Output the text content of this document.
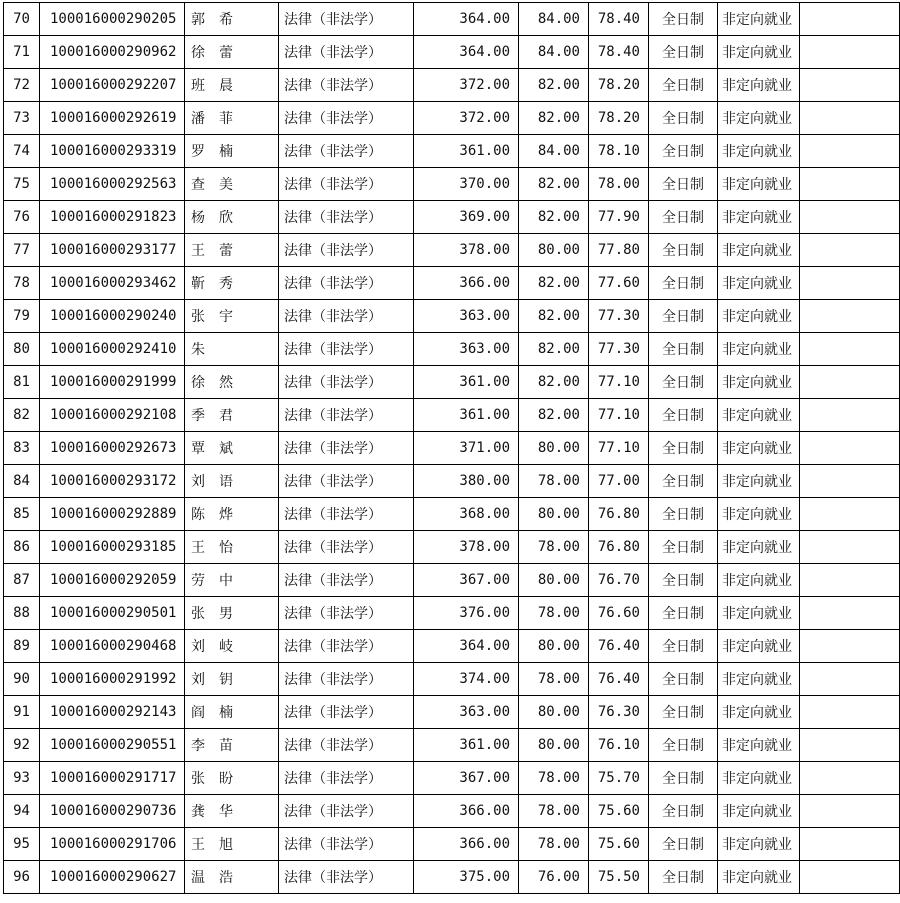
70	100016000290205	郭希	法律（非法学）	364.00	84.00	78.40	全日制	非定向就业	
71	100016000290962	徐蕾	法律（非法学）	364.00	84.00	78.40	全日制	非定向就业	
72	100016000292207	班晨	法律（非法学）	372.00	82.00	78.20	全日制	非定向就业	
73	100016000292619	潘菲	法律（非法学）	372.00	82.00	78.20	全日制	非定向就业	
74	100016000293319	罗楠	法律（非法学）	361.00	84.00	78.10	全日制	非定向就业	
75	100016000292563	查美	法律（非法学）	370.00	82.00	78.00	全日制	非定向就业	
76	100016000291823	杨欣	法律（非法学）	369.00	82.00	77.90	全日制	非定向就业	
77	100016000293177	王蕾	法律（非法学）	378.00	80.00	77.80	全日制	非定向就业	
78	100016000293462	靳秀	法律（非法学）	366.00	82.00	77.60	全日制	非定向就业	
79	100016000290240	张宇	法律（非法学）	363.00	82.00	77.30	全日制	非定向就业	
80	100016000292410	朱	法律（非法学）	363.00	82.00	77.30	全日制	非定向就业	
81	100016000291999	徐然	法律（非法学）	361.00	82.00	77.10	全日制	非定向就业	
82	100016000292108	季君	法律（非法学）	361.00	82.00	77.10	全日制	非定向就业	
83	100016000292673	覃斌	法律（非法学）	371.00	80.00	77.10	全日制	非定向就业	
84	100016000293172	刘语	法律（非法学）	380.00	78.00	77.00	全日制	非定向就业	
85	100016000292889	陈烨	法律（非法学）	368.00	80.00	76.80	全日制	非定向就业	
86	100016000293185	王怡	法律（非法学）	378.00	78.00	76.80	全日制	非定向就业	
87	100016000292059	劳中	法律（非法学）	367.00	80.00	76.70	全日制	非定向就业	
88	100016000290501	张男	法律（非法学）	376.00	78.00	76.60	全日制	非定向就业	
89	100016000290468	刘岐	法律（非法学）	364.00	80.00	76.40	全日制	非定向就业	
90	100016000291992	刘钥	法律（非法学）	374.00	78.00	76.40	全日制	非定向就业	
91	100016000292143	阎楠	法律（非法学）	363.00	80.00	76.30	全日制	非定向就业	
92	100016000290551	李苗	法律（非法学）	361.00	80.00	76.10	全日制	非定向就业	
93	100016000291717	张盼	法律（非法学）	367.00	78.00	75.70	全日制	非定向就业	
94	100016000290736	龚华	法律（非法学）	366.00	78.00	75.60	全日制	非定向就业	
95	100016000291706	王旭	法律（非法学）	366.00	78.00	75.60	全日制	非定向就业	
96	100016000290627	温浩	法律（非法学）	375.00	76.00	75.50	全日制	非定向就业	
